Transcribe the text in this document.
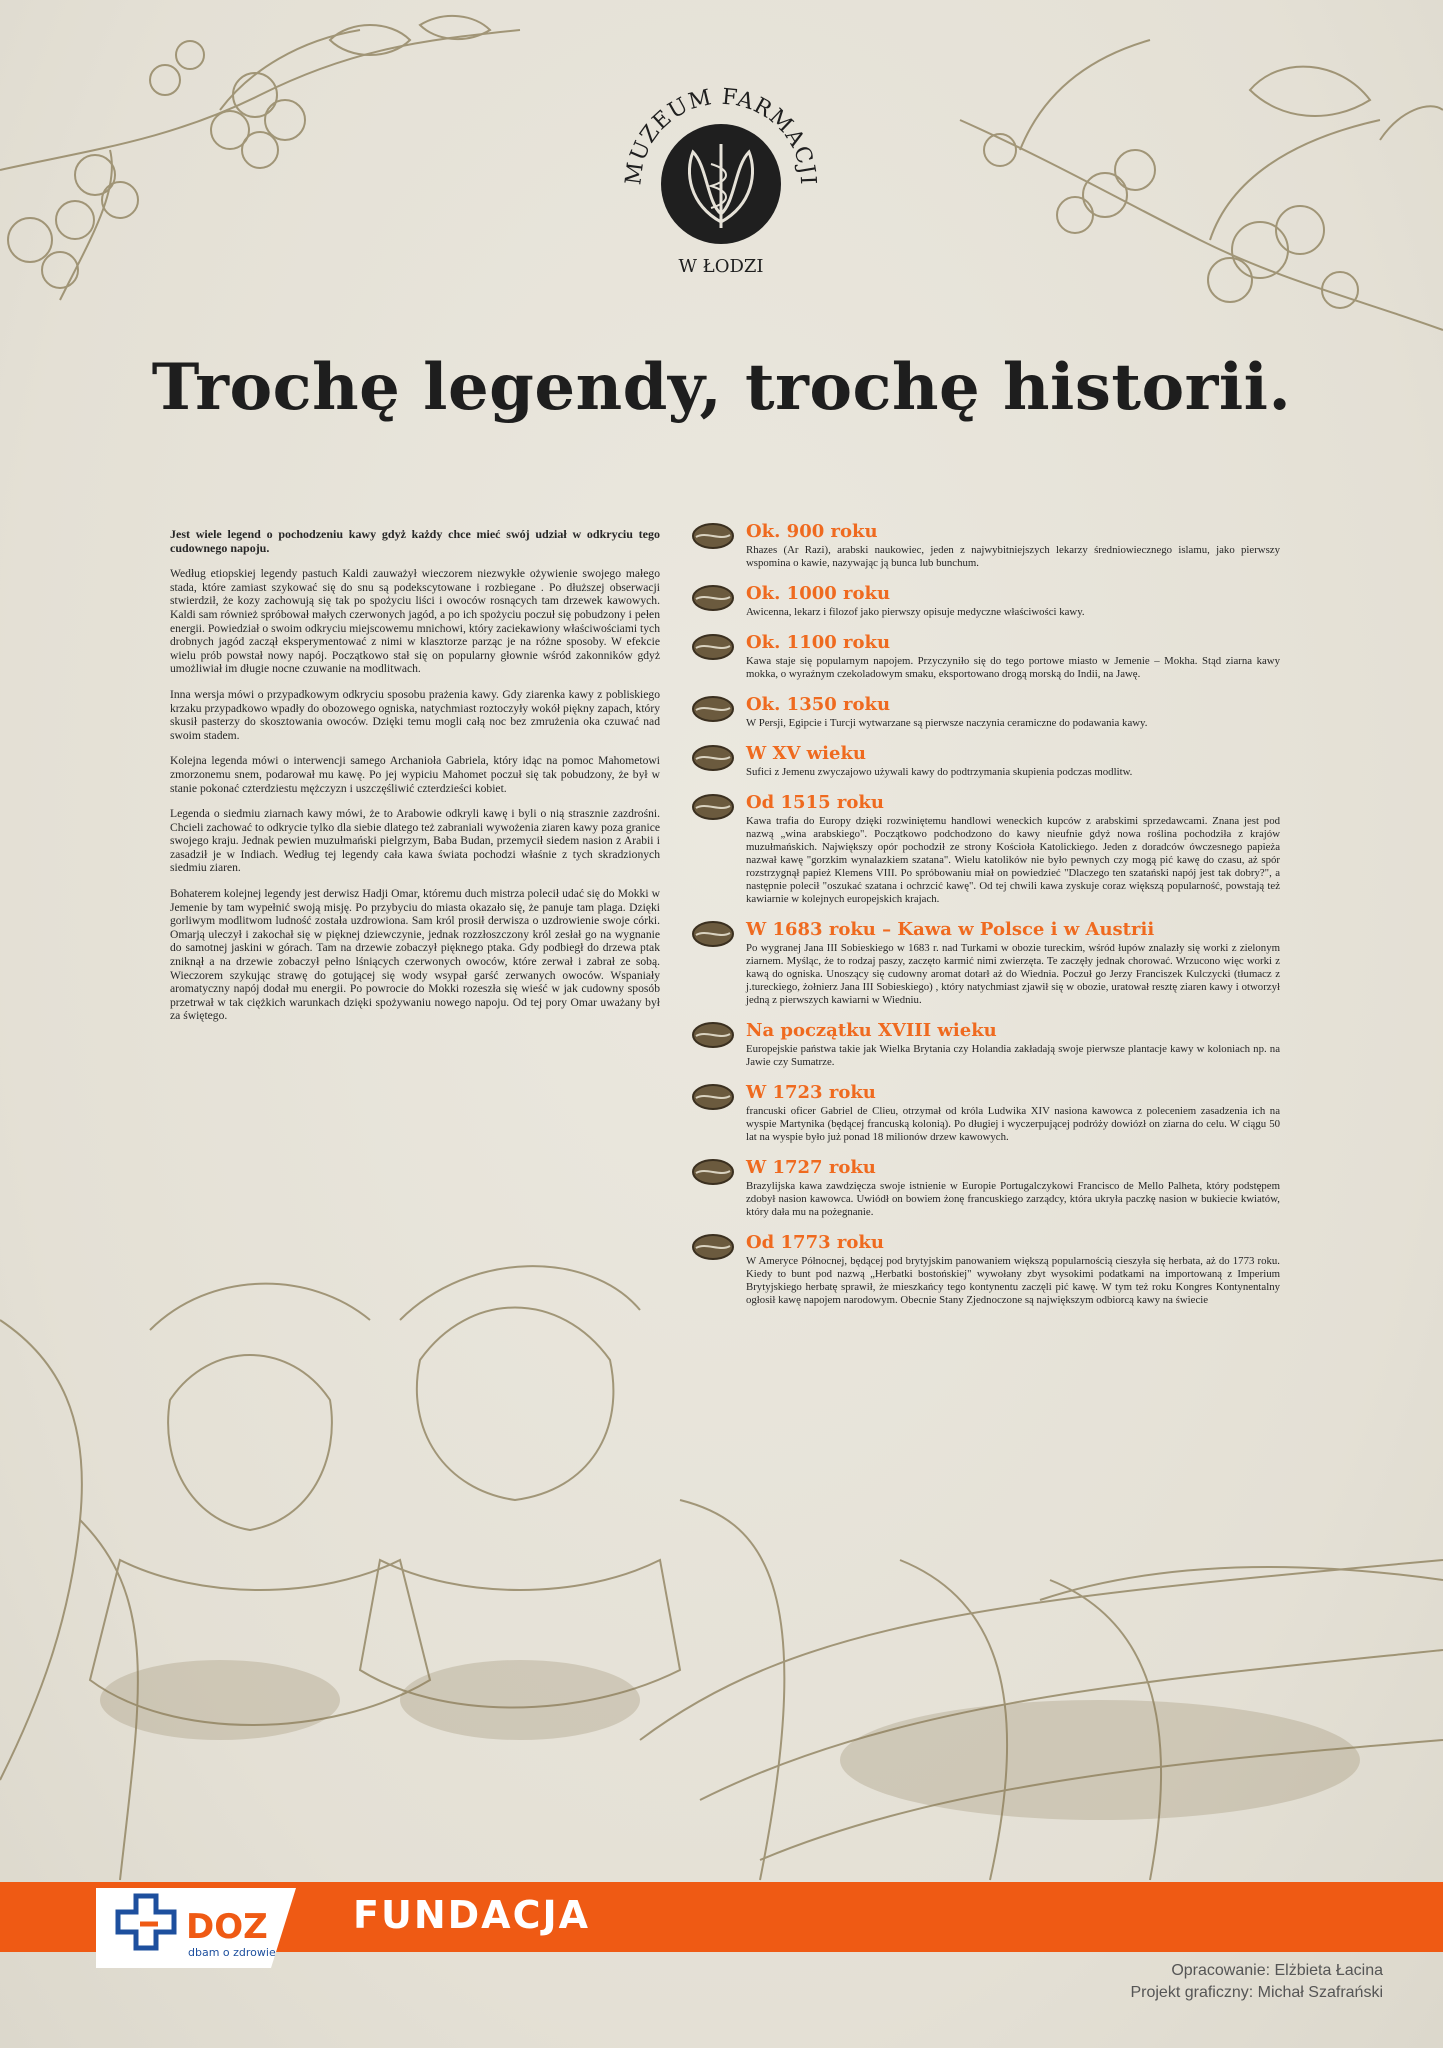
MUZEUM FARMACJI
W ŁODZI
Trochę legendy, trochę historii.

Jest wiele legend o pochodzeniu kawy gdyż każdy chce mieć swój udział w odkryciu tego cudownego napoju.

Według etiopskiej legendy pastuch Kaldi zauważył wieczorem niezwykłe ożywienie swojego małego stada, które zamiast szykować się do snu są podekscytowane i rozbiegane . Po dłuższej obserwacji stwierdził, że kozy zachowują się tak po spożyciu liści i owoców rosnących tam drzewek kawowych. Kaldi sam również spróbował małych czerwonych jagód, a po ich spożyciu poczuł się pobudzony i pełen energii. Powiedział o swoim odkryciu miejscowemu mnichowi, który zaciekawiony właściwościami tych drobnych jagód zaczął eksperymentować z nimi w klasztorze parząc je na różne sposoby. W efekcie wielu prób powstał nowy napój. Początkowo stał się on popularny głownie wśród zakonników gdyż umożliwiał im długie nocne czuwanie na modlitwach.

Inna wersja mówi o przypadkowym odkryciu sposobu prażenia kawy. Gdy ziarenka kawy z pobliskiego krzaku przypadkowo wpadły do obozowego ogniska, natychmiast roztoczyły wokół piękny zapach, który skusił pasterzy do skosztowania owoców. Dzięki temu mogli całą noc bez zmrużenia oka czuwać nad swoim stadem.

Kolejna legenda mówi o interwencji samego Archanioła Gabriela, który idąc na pomoc Mahometowi zmorzonemu snem, podarował mu kawę. Po jej wypiciu Mahomet poczuł się tak pobudzony, że był w stanie pokonać czterdziestu mężczyzn i uszczęśliwić czterdzieści kobiet.

Legenda o siedmiu ziarnach kawy mówi, że to Arabowie odkryli kawę i byli o nią strasznie zazdrośni. Chcieli zachować to odkrycie tylko dla siebie dlatego też zabraniali wywożenia ziaren kawy poza granice swojego kraju. Jednak pewien muzułmański pielgrzym, Baba Budan, przemycił siedem nasion z Arabii i zasadził je w Indiach. Według tej legendy cała kawa świata pochodzi właśnie z tych skradzionych siedmiu ziaren.

Bohaterem kolejnej legendy jest derwisz Hadji Omar, któremu duch mistrza polecił udać się do Mokki w Jemenie by tam wypełnić swoją misję. Po przybyciu do miasta okazało się, że panuje tam plaga. Dzięki gorliwym modlitwom ludność została uzdrowiona. Sam król prosił derwisza o uzdrowienie swoje córki. Omarją uleczył i zakochał się w pięknej dziewczynie, jednak rozzłoszczony król zesłał go na wygnanie do samotnej jaskini w górach. Tam na drzewie zobaczył pięknego ptaka. Gdy podbiegł do drzewa ptak zniknął a na drzewie zobaczył pełno lśniących czerwonych owoców, które zerwał i zabrał ze sobą. Wieczorem szykując strawę do gotującej się wody wsypał garść zerwanych owoców. Wspaniały aromatyczny napój dodał mu energii. Po powrocie do Mokki rozeszła się wieść w jak cudowny sposób przetrwał w tak ciężkich warunkach dzięki spożywaniu nowego napoju. Od tej pory Omar uważany był za świętego.

Ok. 900 roku
Rhazes (Ar Razi), arabski naukowiec, jeden z najwybitniejszych lekarzy średniowiecznego islamu, jako pierwszy wspomina o kawie, nazywając ją bunca lub bunchum.
Ok. 1000 roku
Awicenna, lekarz i filozof jako pierwszy opisuje medyczne właściwości kawy.
Ok. 1100 roku
Kawa staje się popularnym napojem. Przyczyniło się do tego portowe miasto w Jemenie – Mokha. Stąd ziarna kawy mokka, o wyraźnym czekoladowym smaku, eksportowano drogą morską do Indii, na Jawę.
Ok. 1350 roku
W Persji, Egipcie i Turcji wytwarzane są pierwsze naczynia ceramiczne do podawania kawy.
W XV wieku
Sufici z Jemenu zwyczajowo używali kawy do podtrzymania skupienia podczas modlitw.
Od 1515 roku
Kawa trafia do Europy dzięki rozwiniętemu handlowi weneckich kupców z arabskimi sprzedawcami. Znana jest pod nazwą „wina arabskiego". Początkowo podchodzono do kawy nieufnie gdyż nowa roślina pochodziła z krajów muzułmańskich. Największy opór pochodził ze strony Kościoła Katolickiego. Jeden z doradców ówczesnego papieża nazwał kawę "gorzkim wynalazkiem szatana". Wielu katolików nie było pewnych czy mogą pić kawę do czasu, aż spór rozstrzygnął papież Klemens VIII. Po spróbowaniu miał on powiedzieć "Dlaczego ten szatański napój jest tak dobry?", a następnie polecił "oszukać szatana i ochrzcić kawę". Od tej chwili kawa zyskuje coraz większą popularność, powstają też kawiarnie w kolejnych europejskich krajach.
W 1683 roku – Kawa w Polsce i w Austrii
Po wygranej Jana III Sobieskiego w 1683 r. nad Turkami w obozie tureckim, wśród łupów znalazły się worki z zielonym ziarnem. Myśląc, że to rodzaj paszy, zaczęto karmić nimi zwierzęta. Te zaczęły jednak chorować. Wrzucono więc worki z kawą do ogniska. Unoszący się cudowny aromat dotarł aż do Wiednia. Poczuł go Jerzy Franciszek Kulczycki (tłumacz z j.tureckiego, żołnierz Jana III Sobieskiego) , który natychmiast zjawił się w obozie, uratował resztę ziaren kawy i otworzył jedną z pierwszych kawiarni w Wiedniu.
Na początku XVIII wieku
Europejskie państwa takie jak Wielka Brytania czy Holandia zakładają swoje pierwsze plantacje kawy w koloniach np. na Jawie czy Sumatrze.
W 1723 roku
francuski oficer Gabriel de Clieu, otrzymał od króla Ludwika XIV nasiona kawowca z poleceniem zasadzenia ich na wyspie Martynika (będącej francuską kolonią). Po długiej i wyczerpującej podróży dowiózł on ziarna do celu. W ciągu 50 lat na wyspie było już ponad 18 milionów drzew kawowych.
W 1727 roku
Brazylijska kawa zawdzięcza swoje istnienie w Europie Portugalczykowi Francisco de Mello Palheta, który podstępem zdobył nasion kawowca. Uwiódł on bowiem żonę francuskiego zarządcy, która ukryła paczkę nasion w bukiecie kwiatów, który dała mu na pożegnanie.
Od 1773 roku
W Ameryce Północnej, będącej pod brytyjskim panowaniem większą popularnością cieszyła się herbata, aż do 1773 roku. Kiedy to bunt pod nazwą „Herbatki bostońskiej" wywołany zbyt wysokimi podatkami na importowaną z Imperium Brytyjskiego herbatę sprawił, że mieszkańcy tego kontynentu zaczęli pić kawę. W tym też roku Kongres Kontynentalny ogłosił kawę napojem narodowym. Obecnie Stany Zjednoczone są największym odbiorcą kawy na świecie
DOZ
dbam o zdrowie
FUNDACJA
Opracowanie: Elżbieta Łacina
Projekt graficzny: Michał Szafrański
